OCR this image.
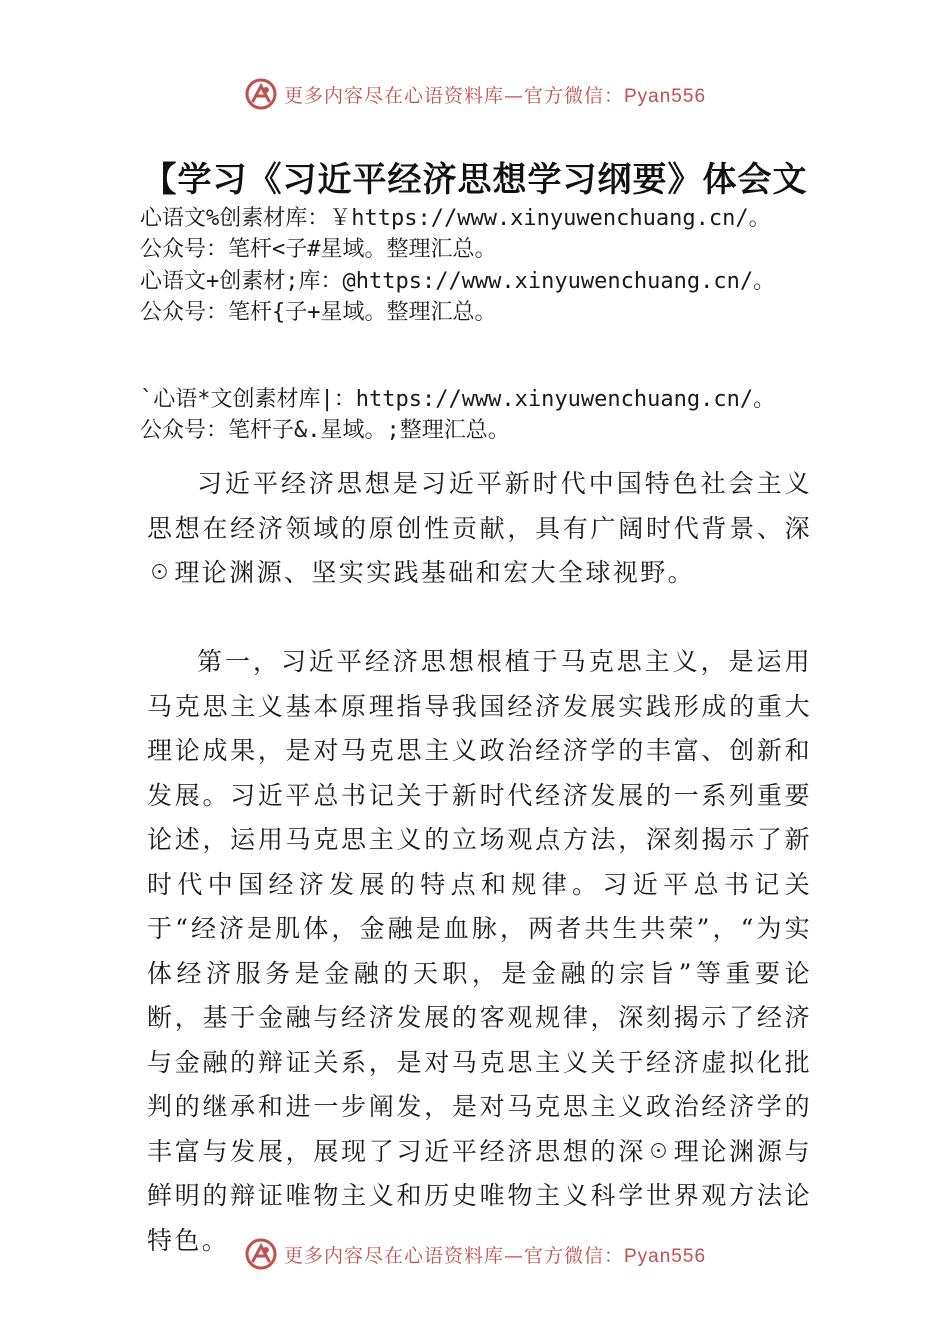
更多内容尽在心语资料库—官方微信：Pyan556
【学习《习近平经济思想学习纲要》体会文
心语文%创素材库：￥https://www.xinyuwenchuang.cn/。
公众号：笔杆<子#星域。整理汇总。
心语文+创素材;库：@https://www.xinyuwenchuang.cn/。
公众号：笔杆{子+星域。整理汇总。
`心语*文创素材库|：https://www.xinyuwenchuang.cn/。
公众号：笔杆子&.星域。;整理汇总。
习近平经济思想是习近平新时代中国特色社会主义思想在经济领域的原创性贡献，具有广阔时代背景、深☉理论渊源、坚实实践基础和宏大全球视野。
第一，习近平经济思想根植于马克思主义，是运用马克思主义基本原理指导我国经济发展实践形成的重大理论成果，是对马克思主义政治经济学的丰富、创新和发展。习近平总书记关于新时代经济发展的一系列重要论述，运用马克思主义的立场观点方法，深刻揭示了新时代中国经济发展的特点和规律。习近平总书记关于“经济是肌体，金融是血脉，两者共生共荣”，“为实体经济服务是金融的天职，是金融的宗旨”等重要论断，基于金融与经济发展的客观规律，深刻揭示了经济与金融的辩证关系，是对马克思主义关于经济虚拟化批判的继承和进一步阐发，是对马克思主义政治经济学的丰富与发展，展现了习近平经济思想的深☉理论渊源与鲜明的辩证唯物主义和历史唯物主义科学世界观方法论特色。
更多内容尽在心语资料库—官方微信：Pyan556
